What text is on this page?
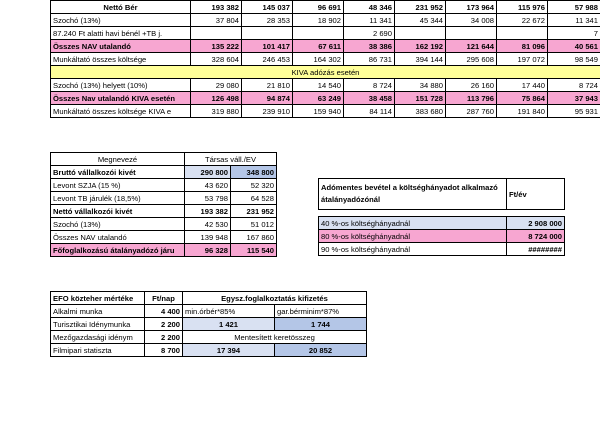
Nettó Bér	193 382	145 037	96 691	48 346	231 952	173 964	115 976	57 988
Szochó (13%)	37 804	28 353	18 902	11 341	45 344	34 008	22 672	11 341
87.240 Ft alatti havi bénél +TB j.				2 690				7
Összes NAV utalandó	135 222	101 417	67 611	38 386	162 192	121 644	81 096	40 561
Munkáltató összes költsége	328 604	246 453	164 302	86 731	394 144	295 608	197 072	98 549
KIVA adózás esetén								
Szochó (13%) helyett (10%)	29 080	21 810	14 540	8 724	34 880	26 160	17 440	8 724
Összes Nav utalandó KIVA esetén	126 498	94 874	63 249	38 458	151 728	113 796	75 864	37 943
Munkáltató összes költsége KIVA e	319 880	239 910	159 940	84 114	383 680	287 760	191 840	95 931
Megnevezé	Társas váll./EV	
Bruttó vállalkozói kivét	290 800	348 800
Levont SZJA (15 %)	43 620	52 320
Levont TB járulék (18,5%)	53 798	64 528
Nettó vállalkozói kivét	193 382	231 952
Szochó (13%)	42 530	51 012
Összes NAV utalandó	139 948	167 860
Főfoglalkozású átalányadózó járu	96 328	115 540
Adómentes bevétel a költséghányadot alkalmazó átalányadózónál	Ft/év

40 %-os költséghányadnál	2 908 000
80 %-os költséghányadnál	8 724 000
90 %-os költséghányadnál	########
EFO közteher mértéke	Ft/nap	Egysz.foglalkoztatás kifizetés	
Alkalmi munka	4 400	min.órbér*85%	gar.bérminim*87%
Turisztikai Idénymunka	2 200	1 421	1 744
Mezőgazdasági idénym	2 200	Mentesített keretösszeg	
Filmipari statiszta	8 700	17 394	20 852
